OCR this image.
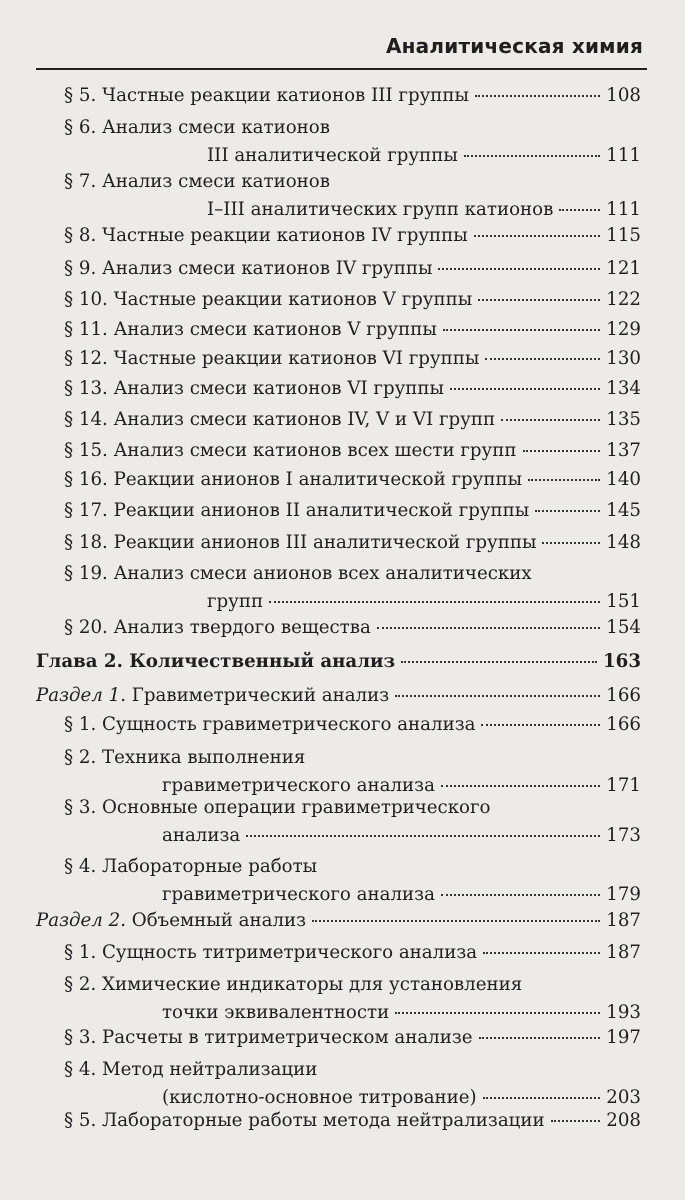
Аналитическая химия
§ 5. Частные реакции катионов III группы	108
§ 6. Анализ смеси катионов
III аналитической группы	111
§ 7. Анализ смеси катионов
I–III аналитических групп катионов	111
§ 8. Частные реакции катионов IV группы	115
§ 9. Анализ смеси катионов IV группы	121
§ 10. Частные реакции катионов V группы	122
§ 11. Анализ смеси катионов V группы	129
§ 12. Частные реакции катионов VI группы	130
§ 13. Анализ смеси катионов VI группы	134
§ 14. Анализ смеси катионов IV, V и VI групп	135
§ 15. Анализ смеси катионов всех шести групп	137
§ 16. Реакции анионов I аналитической группы	140
§ 17. Реакции анионов II аналитической группы	145
§ 18. Реакции анионов III аналитической группы	148
§ 19. Анализ смеси анионов всех аналитических
групп	151
§ 20. Анализ твердого вещества	154
Глава 2. Количественный анализ	163
Раздел 1. Гравиметрический анализ	166
§ 1. Сущность гравиметрического анализа	166
§ 2. Техника выполнения
гравиметрического анализа	171
§ 3. Основные операции гравиметрического
анализа	173
§ 4. Лабораторные работы
гравиметрического анализа	179
Раздел 2. Объемный анализ	187
§ 1. Сущность титриметрического анализа	187
§ 2. Химические индикаторы для установления
точки эквивалентности	193
§ 3. Расчеты в титриметрическом анализе	197
§ 4. Метод нейтрализации
(кислотно-основное титрование)	203
§ 5. Лабораторные работы метода нейтрализации	208
